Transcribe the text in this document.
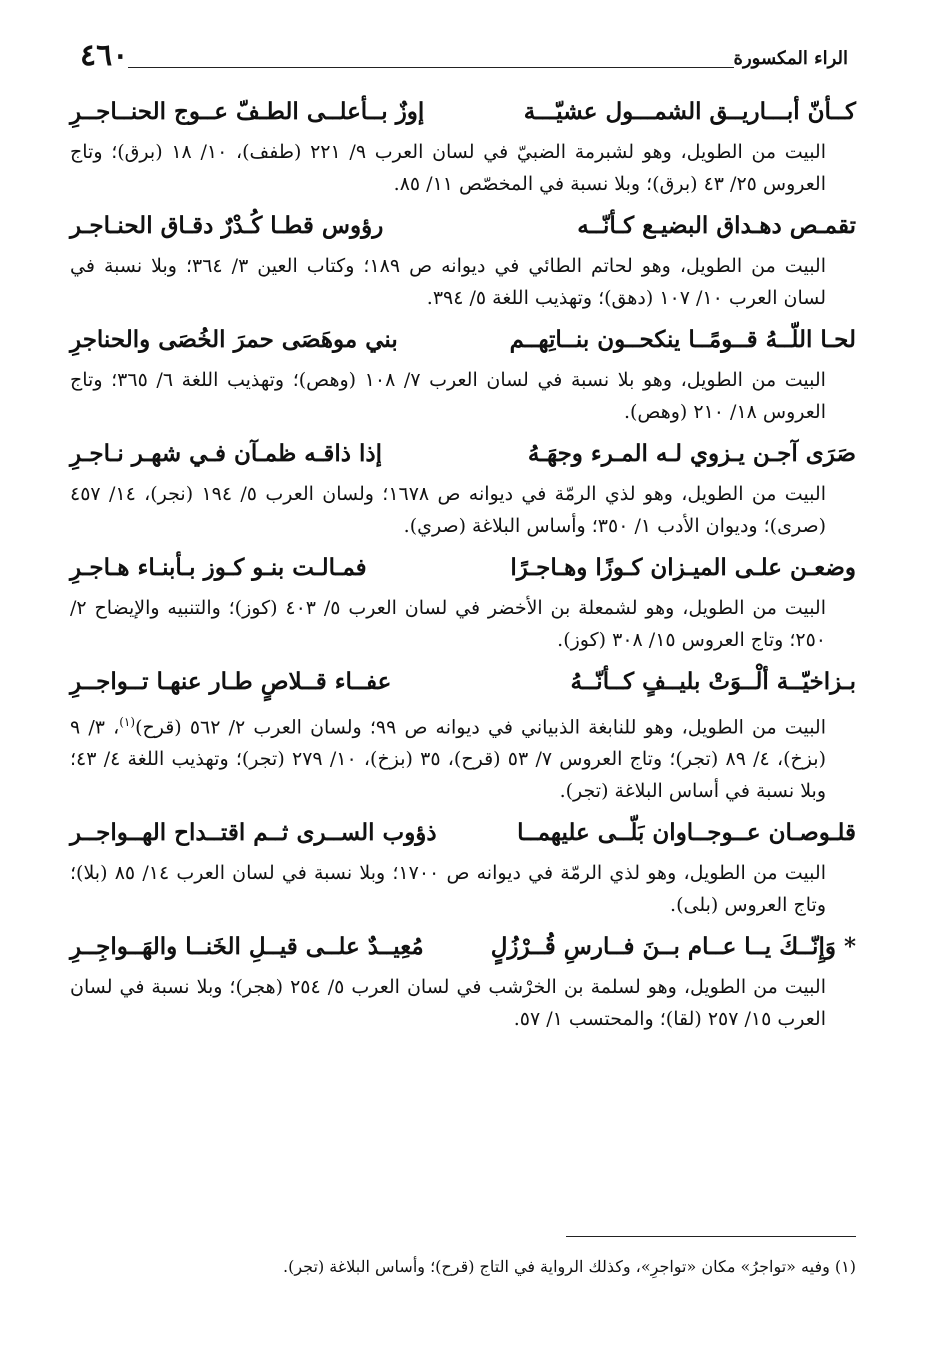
الراء المكسورة
٤٦٠
كــأنّ أبـــاريــق الشمـــول عشيّـــة
إوزٌ بــأعلــى الطـفّ عــوج الحنــاجــرِ
البيت من الطويل، وهو لشبرمة الضبيّ في لسان العرب ٩/ ٢٢١ (طفف)، ١٠/ ١٨ (برق)؛ وتاج العروس ٢٥/ ٤٣ (برق)؛ وبلا نسبة في المخصّص ١١/ ٨٥.
تقمـص دهـداق البضيـع كـأنّــه
رؤوس قطـا كُـدْرٌ دقـاق الحنـاجـر
البيت من الطويل، وهو لحاتم الطائي في ديوانه ص ١٨٩؛ وكتاب العين ٣/ ٣٦٤؛ وبلا نسبة في لسان العرب ١٠/ ١٠٧ (دهق)؛ وتهذيب اللغة ٥/ ٣٩٤.
لحـا اللّــهُ قــومًــا ينكحــون بنــاتِهــم
بني موهَصَى حمرَ الخُصَى والحناجرِ
البيت من الطويل، وهو بلا نسبة في لسان العرب ٧/ ١٠٨ (وهص)؛ وتهذيب اللغة ٦/ ٣٦٥؛ وتاج العروس ١٨/ ٢١٠ (وهص).
صَرَى آجـن يـزوي لـه المـرء وجهَـهُ
إذا ذاقـه ظمـآن فـي شهـر نـاجـرِ
البيت من الطويل، وهو لذي الرمّة في ديوانه ص ١٦٧٨؛ ولسان العرب ٥/ ١٩٤ (نجر)، ١٤/ ٤٥٧ (صرى)؛ وديوان الأدب ١/ ٣٥٠؛ وأساس البلاغة (صري).
وضعـن علـى الميـزان كـوزًا وهـاجـرًا
فمـالـت بنـو كـوز بـأبنـاء هـاجـرِ
البيت من الطويل، وهو لشمعلة بن الأخضر في لسان العرب ٥/ ٤٠٣ (كوز)؛ والتنبيه والإيضاح ٢/ ٢٥٠؛ وتاج العروس ١٥/ ٣٠٨ (كوز).
بـزاخيّــة ألْــوَتْ بليــفٍ كــأنّــهُ
عفــاء قــلاصٍ طـار عنهـا تــواجــرِ
البيت من الطويل، وهو للنابغة الذبياني في ديوانه ص ٩٩؛ ولسان العرب ٢/ ٥٦٢ (قرح)$^{(١)}$، ٣/ ٩ (بزخ)، ٤/ ٨٩ (تجر)؛ وتاج العروس ٧/ ٥٣ (قرح)، ٣٥ (بزخ)، ١٠/ ٢٧٩ (تجر)؛ وتهذيب اللغة ٤/ ٤٣؛ وبلا نسبة في أساس البلاغة (تجر).
قلـوصـان عــوجــاوان بَلّــى عليهمــا
ذؤوب الســرى ثــم اقتــداح الهــواجــر
البيت من الطويل، وهو لذي الرمّة في ديوانه ص ١٧٠٠؛ وبلا نسبة في لسان العرب ١٤/ ٨٥ (بلا)؛ وتاج العروس (بلى).
* وَإِنّــكَ يــا عــام بــنَ فــارسِ قُــرْزُلٍ
مُعِيــدٌ علــى قيــلِ الخَنــا والهَــواجِــرِ
البيت من الطويل، وهو لسلمة بن الخرْشب في لسان العرب ٥/ ٢٥٤ (هجر)؛ وبلا نسبة في لسان العرب ١٥/ ٢٥٧ (لقا)؛ والمحتسب ١/ ٥٧.
(١) وفيه «تواجرُ» مكان «تواجرِ»، وكذلك الرواية في التاج (قرح)؛ وأساس البلاغة (تجر).
